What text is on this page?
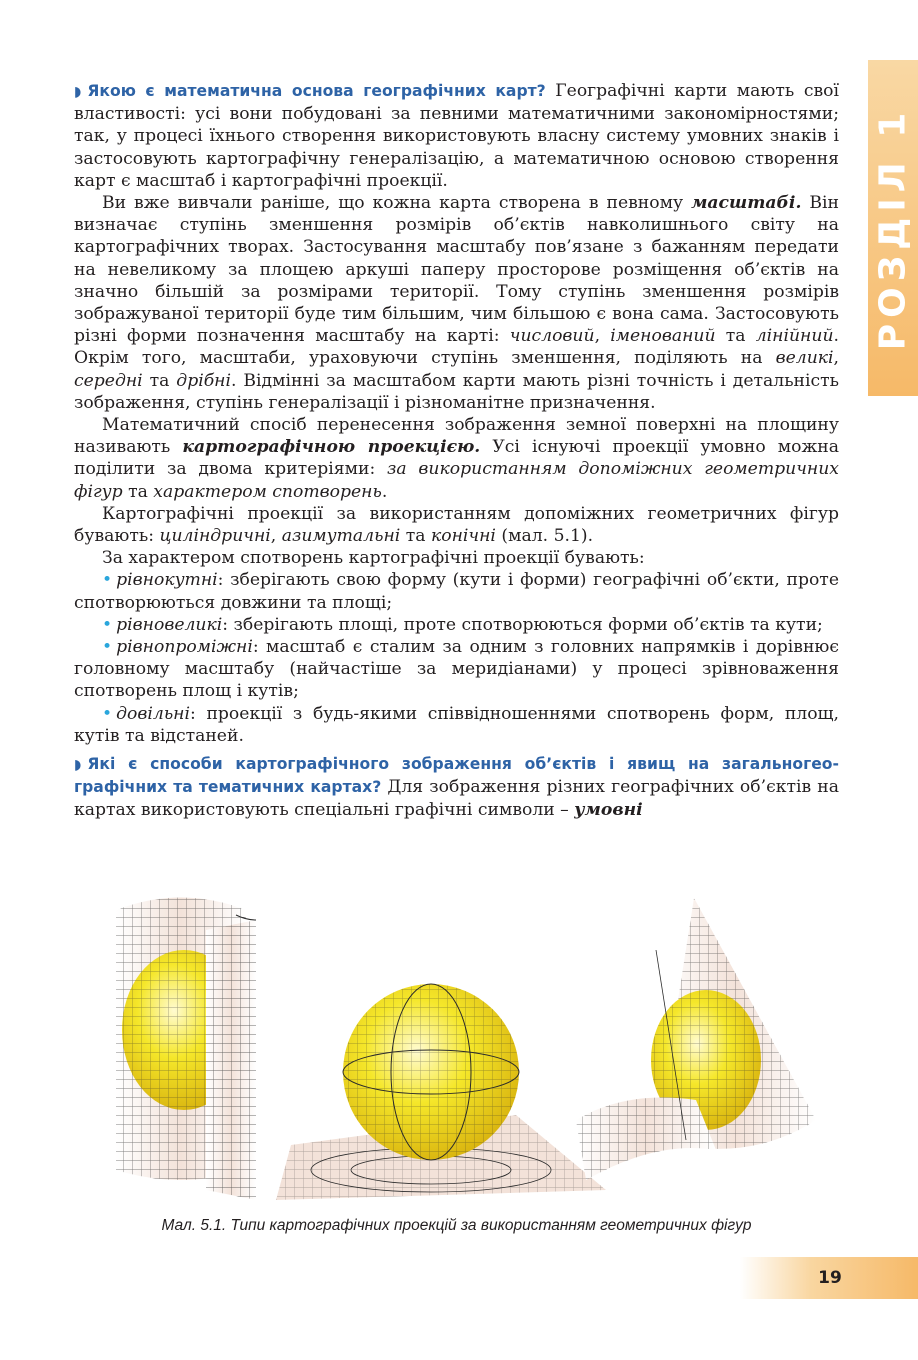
РОЗДІЛ 1

◗ Якою є математична основа географічних карт? Географічні карти мають свої властивості: усі вони побудовані за певними математичними закономірностями; так, у процесі їхнього створення використовують власну систему умовних знаків і застосовують картографічну генералізацію, а математичною основою створення карт є масштаб і картографічні проекції.

Ви вже вивчали раніше, що кожна карта створена в певному масштабі. Він визначає ступінь зменшення розмірів об’єктів навколишнього світу на картографічних творах. Застосування масштабу пов’язане з бажанням передати на невеликому за площею аркуші паперу просторове розміщення об’єктів на значно більшій за розмірами території. Тому ступінь зменшення розмірів зображуваної території буде тим більшим, чим більшою є вона сама. Застосовують різні форми позначення масштабу на карті: числовий, іменований та лінійний. Окрім того, масштаби, ураховуючи ступінь зменшення, поділяють на великі, середні та дрібні. Відмінні за масштабом карти мають різні точність і детальність зображення, ступінь генералізації і різноманітне призначення.

Математичний спосіб перенесення зображення земної поверхні на площину називають картографічною проекцією. Усі існуючі проекції умовно можна поділити за двома критеріями: за використанням допоміжних геометричних фігур та характером спотворень.

Картографічні проекції за використанням допоміжних геометричних фігур бувають: циліндричні, азимутальні та конічні (мал. 5.1).

За характером спотворень картографічні проекції бувають:

• рівнокутні: зберігають свою форму (кути і форми) географічні об’єкти, проте спотворюються довжини та площі;

• рівновеликі: зберігають площі, проте спотворюються форми об’єктів та кути;

• рівнопроміжні: масштаб є сталим за одним з головних напрямків і дорівнює головному масштабу (найчастіше за меридіанами) у процесі зрівноваження спотворень площ і кутів;

• довільні: проекції з будь-якими співвідношеннями спотворень форм, площ, кутів та відстаней.

◗ Які є способи картографічного зображення об’єктів і явищ на загальногеографічних та тематичних картах? Для зображення різних географічних об’єктів на картах використовують спеціальні графічні символи – умовні

Мал. 5.1. Типи картографічних проекцій за використанням геометричних фігур
19
